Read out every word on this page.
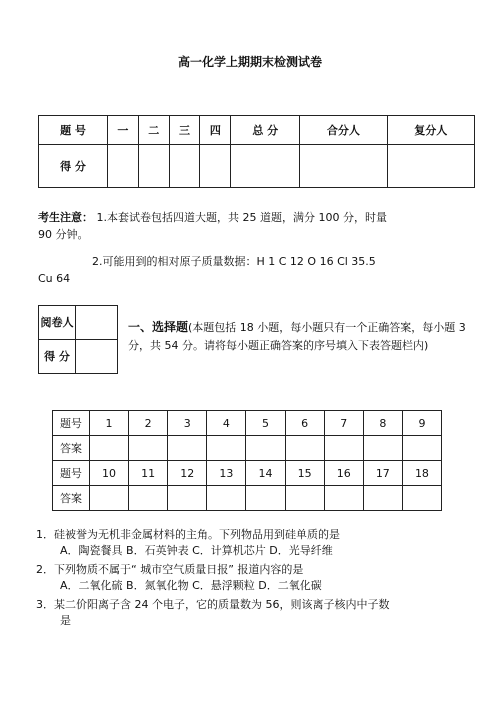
高一化学上期期末检测试卷
题 号	一	二	三	四	总 分	合分人	复分人
得 分							
考生注意： 1.本套试卷包括四道大题，共 25 道题，满分 100 分，时量
90 分钟。
2.可能用到的相对原子质量数据：H 1 C 12 O 16 Cl 35.5
Cu 64
阅卷人	
得 分	
一、选择题(本题包括 18 小题，每小题只有一个正确答案，每小题 3 分，共 54 分。请将每小题正确答案的序号填入下表答题栏内)
题号	1	2	3	4	5	6	7	8	9
答案									
题号	10	11	12	13	14	15	16	17	18
答案									
1．硅被誉为无机非金属材料的主角。下列物品用到硅单质的是
A．陶瓷餐具 B．石英钟表 C．计算机芯片 D．光导纤维
2．下列物质不属于“ 城市空气质量日报” 报道内容的是
A．二氧化硫 B．氮氧化物 C．悬浮颗粒 D．二氧化碳
3．某二价阳离子含 24 个电子，它的质量数为 56，则该离子核内中子数
是
